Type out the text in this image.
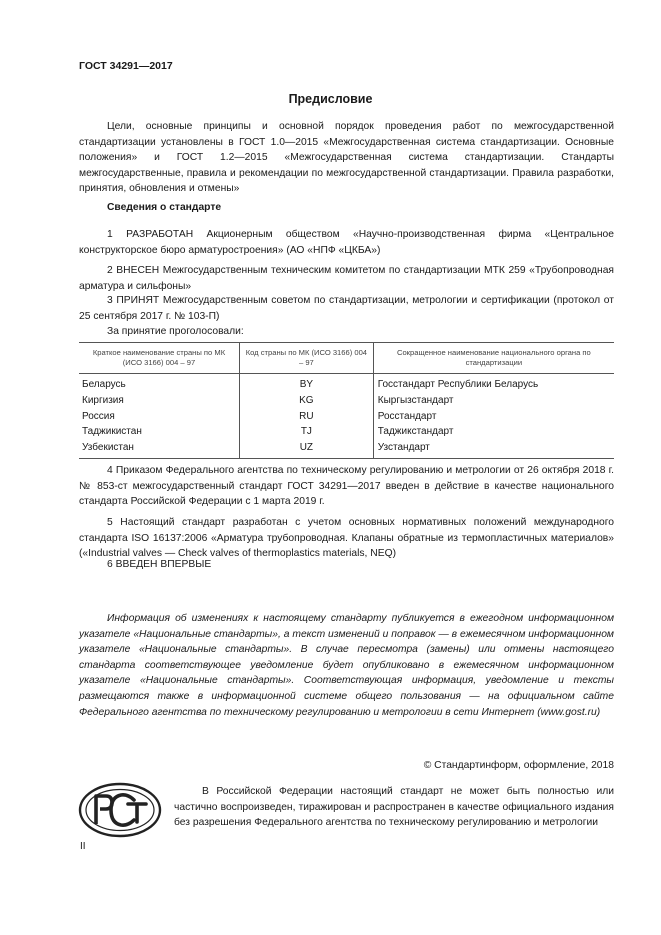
ГОСТ 34291—2017
Предисловие

Цели, основные принципы и основной порядок проведения работ по межгосударственной стандартизации установлены в ГОСТ 1.0—2015 «Межгосударственная система стандартизации. Основные положения» и ГОСТ 1.2—2015 «Межгосударственная система стандартизации. Стандарты межгосударственные, правила и рекомендации по межгосударственной стандартизации. Правила разработки, принятия, обновления и отмены»

Сведения о стандарте

1 РАЗРАБОТАН Акционерным обществом «Научно-производственная фирма «Центральное конструкторское бюро арматуростроения» (АО «НПФ «ЦКБА»)

2 ВНЕСЕН Межгосударственным техническим комитетом по стандартизации МТК 259 «Трубопроводная арматура и сильфоны»

3 ПРИНЯТ Межгосударственным советом по стандартизации, метрологии и сертификации (протокол от 25 сентября 2017 г. № 103-П)

За принятие проголосовали:

Краткое наименование страны по МК (ИСО 3166) 004 – 97	Код страны по МК (ИСО 3166) 004 – 97	Сокращенное наименование национального органа по стандартизации
Беларусь	BY	Госстандарт Республики Беларусь
Киргизия	KG	Кыргызстандарт
Россия	RU	Росстандарт
Таджикистан	TJ	Таджикстандарт
Узбекистан	UZ	Узстандарт

4 Приказом Федерального агентства по техническому регулированию и метрологии от 26 октября 2018 г. № 853-ст межгосударственный стандарт ГОСТ 34291—2017 введен в действие в качестве национального стандарта Российской Федерации с 1 марта 2019 г.

5 Настоящий стандарт разработан с учетом основных нормативных положений международного стандарта ISO 16137:2006 «Арматура трубопроводная. Клапаны обратные из термопластичных материалов» («Industrial valves — Check valves of thermoplastics materials, NEQ)

6 ВВЕДЕН ВПЕРВЫЕ

Информация об изменениях к настоящему стандарту публикуется в ежегодном информационном указателе «Национальные стандарты», а текст изменений и поправок — в ежемесячном информационном указателе «Национальные стандарты». В случае пересмотра (замены) или отмены настоящего стандарта соответствующее уведомление будет опубликовано в ежемесячном информационном указателе «Национальные стандарты». Соответствующая информация, уведомление и тексты размещаются также в информационной системе общего пользования — на официальном сайте Федерального агентства по техническому регулированию и метрологии в сети Интернет (www.gost.ru)

© Стандартинформ, оформление, 2018

В Российской Федерации настоящий стандарт не может быть полностью или частично воспроизведен, тиражирован и распространен в качестве официального издания без разрешения Федерального агентства по техническому регулированию и метрологии

II
